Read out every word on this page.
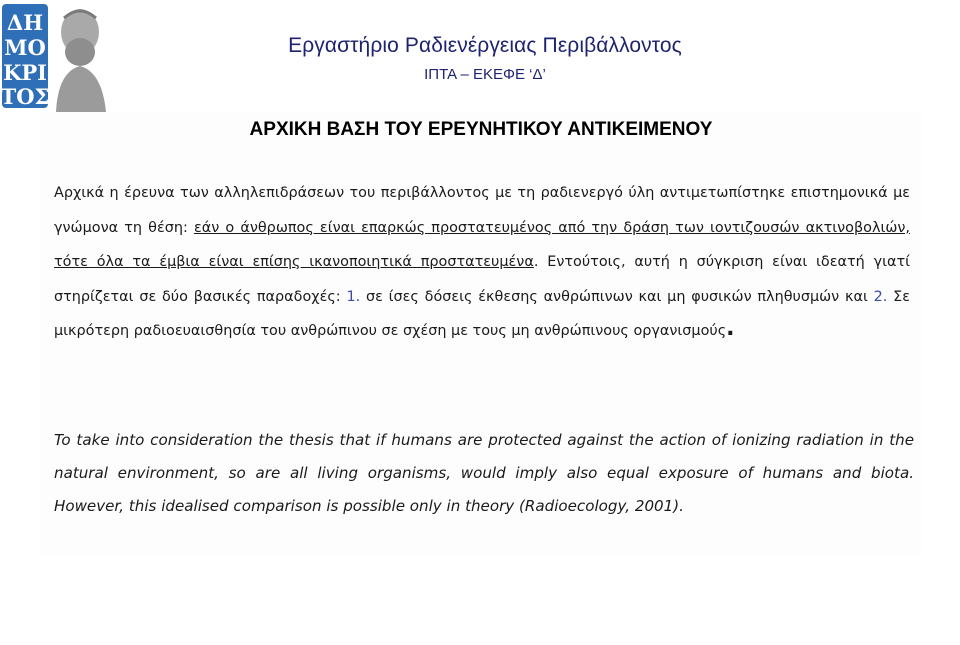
ΔΗ
ΜΟ
ΚΡΙ
ΤΟΣ
Εργαστήριο Ραδιενέργειας Περιβάλλοντος
ΙΠΤΑ – ΕΚΕΦΕ ‘Δ’
ΑΡΧΙΚΗ ΒΑΣΗ ΤΟΥ ΕΡΕΥΝΗΤΙΚΟΥ ΑΝΤΙΚΕΙΜΕΝΟΥ
Αρχικά η έρευνα των αλληλεπιδράσεων του περιβάλλοντος με τη ραδιενεργό ύλη αντιμετωπίστηκε επιστημονικά με γνώμονα τη θέση: εάν ο άνθρωπος είναι επαρκώς προστατευμένος από την δράση των ιοντιζουσών ακτινοβολιών, τότε όλα τα έμβια είναι επίσης ικανοποιητικά προστατευμένα. Εντούτοις, αυτή η σύγκριση είναι ιδεατή γιατί στηρίζεται σε δύο βασικές παραδοχές: 1. σε ίσες δόσεις έκθεσης ανθρώπινων και μη φυσικών πληθυσμών και 2. Σε μικρότερη ραδιοευαισθησία του ανθρώπινου σε σχέση με τους μη ανθρώπινους οργανισμούς.
To take into consideration the thesis that if humans are protected against the action of ionizing radiation in the natural environment, so are all living organisms, would imply also equal exposure of humans and biota. However, this idealised comparison is possible only in theory (Radioecology, 2001).
